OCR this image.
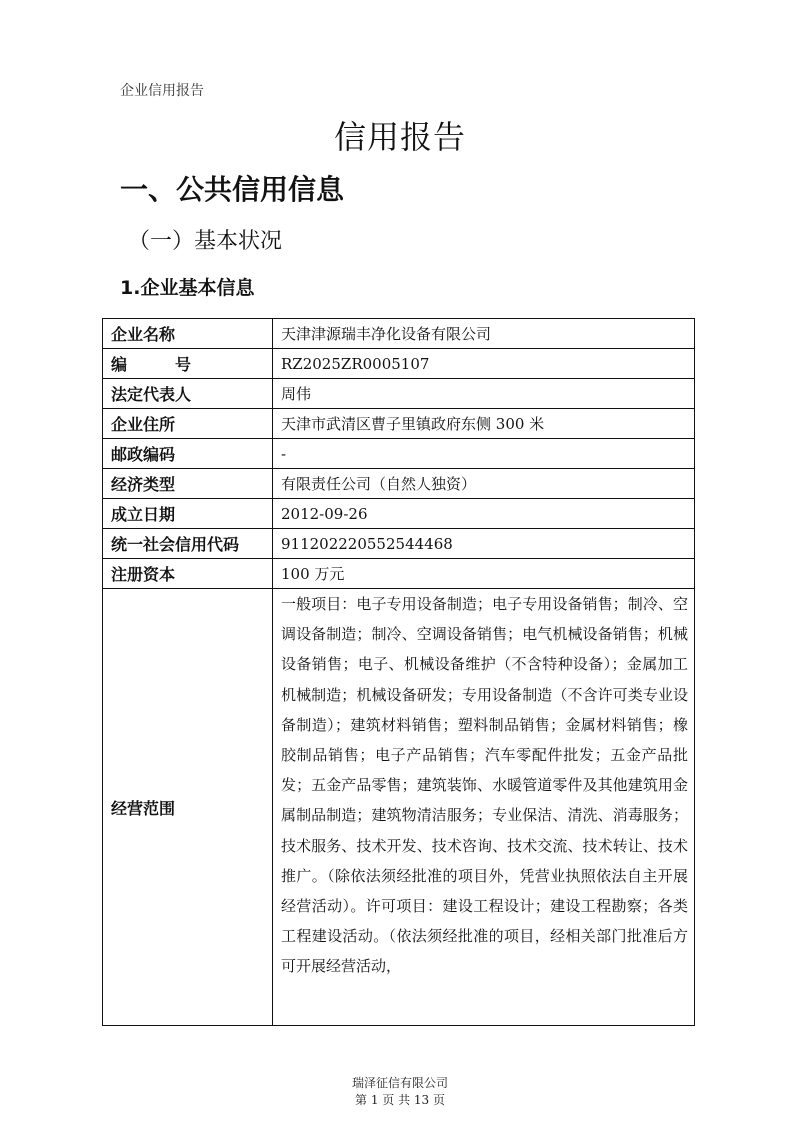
企业信用报告
信用报告
一、公共信用信息
（一）基本状况
1.企业基本信息
企业名称	天津津源瑞丰净化设备有限公司

编 号	RZ2025ZR0005107
法定代表人	周伟
企业住所	天津市武清区曹子里镇政府东侧 300 米
邮政编码	-
经济类型	有限责任公司（自然人独资）
成立日期	2012-09-26
统一社会信用代码	911202220552544468
注册资本	100 万元
经营范围	一般项目：电子专用设备制造；电子专用设备销售；制冷、空调设备制造；制冷、空调设备销售；电气机械设备销售；机械设备销售；电子、机械设备维护（不含特种设备）；金属加工机械制造；机械设备研发；专用设备制造（不含许可类专业设备制造）；建筑材料销售；塑料制品销售；金属材料销售；橡胶制品销售；电子产品销售；汽车零配件批发；五金产品批发；五金产品零售；建筑装饰、水暖管道零件及其他建筑用金属制品制造；建筑物清洁服务；专业保洁、清洗、消毒服务；技术服务、技术开发、技术咨询、技术交流、技术转让、技术推广。（除依法须经批准的项目外，凭营业执照依法自主开展经营活动）。许可项目：建设工程设计；建设工程勘察；各类工程建设活动。（依法须经批准的项目，经相关部门批准后方可开展经营活动，
瑞泽征信有限公司
第 1 页 共 13 页
